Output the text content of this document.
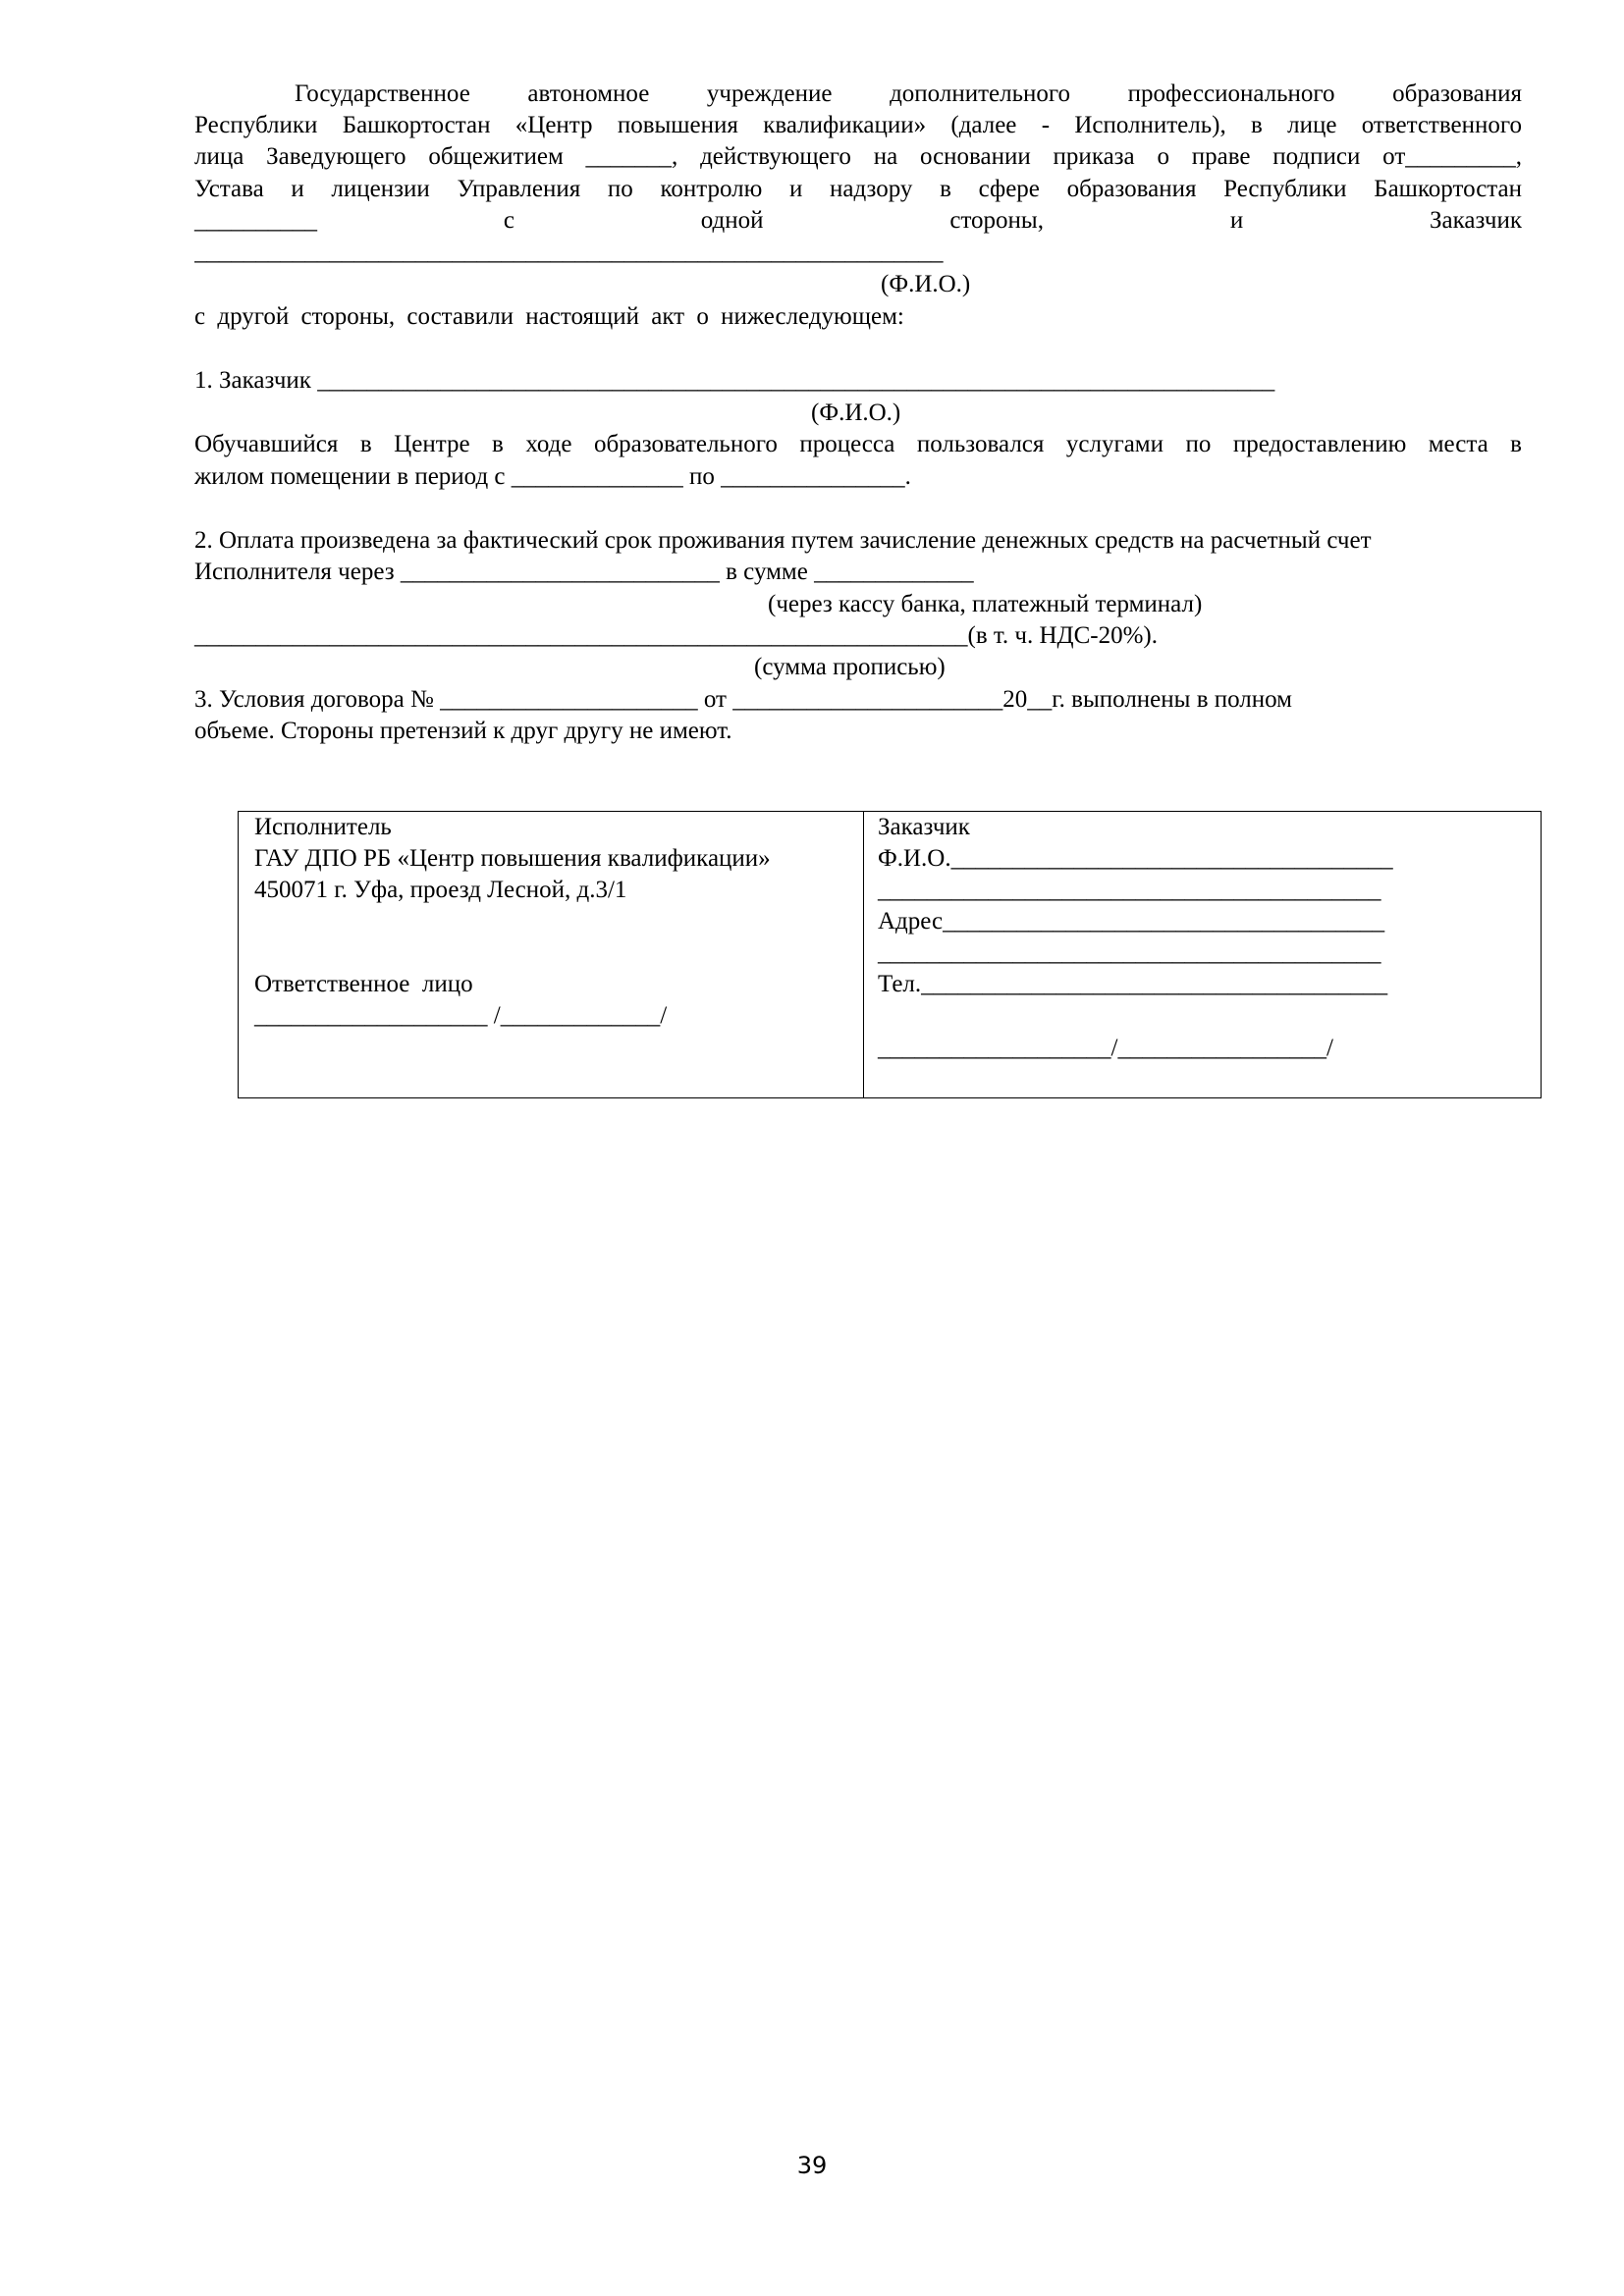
Государственное автономное учреждение дополнительного профессионального образования
Республики Башкортостан «Центр повышения квалификации» (далее - Исполнитель), в лице ответственного
лица Заведующего общежитием _______, действующего на основании приказа о праве подписи от_________,
Устава и лицензии Управления по контролю и надзору в сфере образования Республики Башкортостан
__________ с одной стороны, и Заказчик
_____________________________________________________________
(Ф.И.О.)
с другой стороны, составили настоящий акт о нижеследующем:
1. Заказчик ______________________________________________________________________________
(Ф.И.О.)
Обучавшийся в Центре в ходе образовательного процесса пользовался услугами по предоставлению места в
жилом помещении в период с ______________ по _______________.
2. Оплата произведена за фактический срок проживания путем зачисление денежных средств на расчетный счет
Исполнителя через __________________________ в сумме _____________
(через кассу банка, платежный терминал)
_______________________________________________________________(в т. ч. НДС-20%).
(сумма прописью)
3. Условия договора № _____________________ от ______________________20__г. выполнены в полном
объеме. Стороны претензий к друг другу не имеют.
Исполнитель
ГАУ ДПО РБ «Центр повышения квалификации»
450071 г. Уфа, проезд Лесной, д.3/1
Ответственное  лицо
___________________ /_____________/
Заказчик
Ф.И.О.____________________________________
_________________________________________
Адрес____________________________________
_________________________________________
Тел.______________________________________
___________________/_________________/
39
